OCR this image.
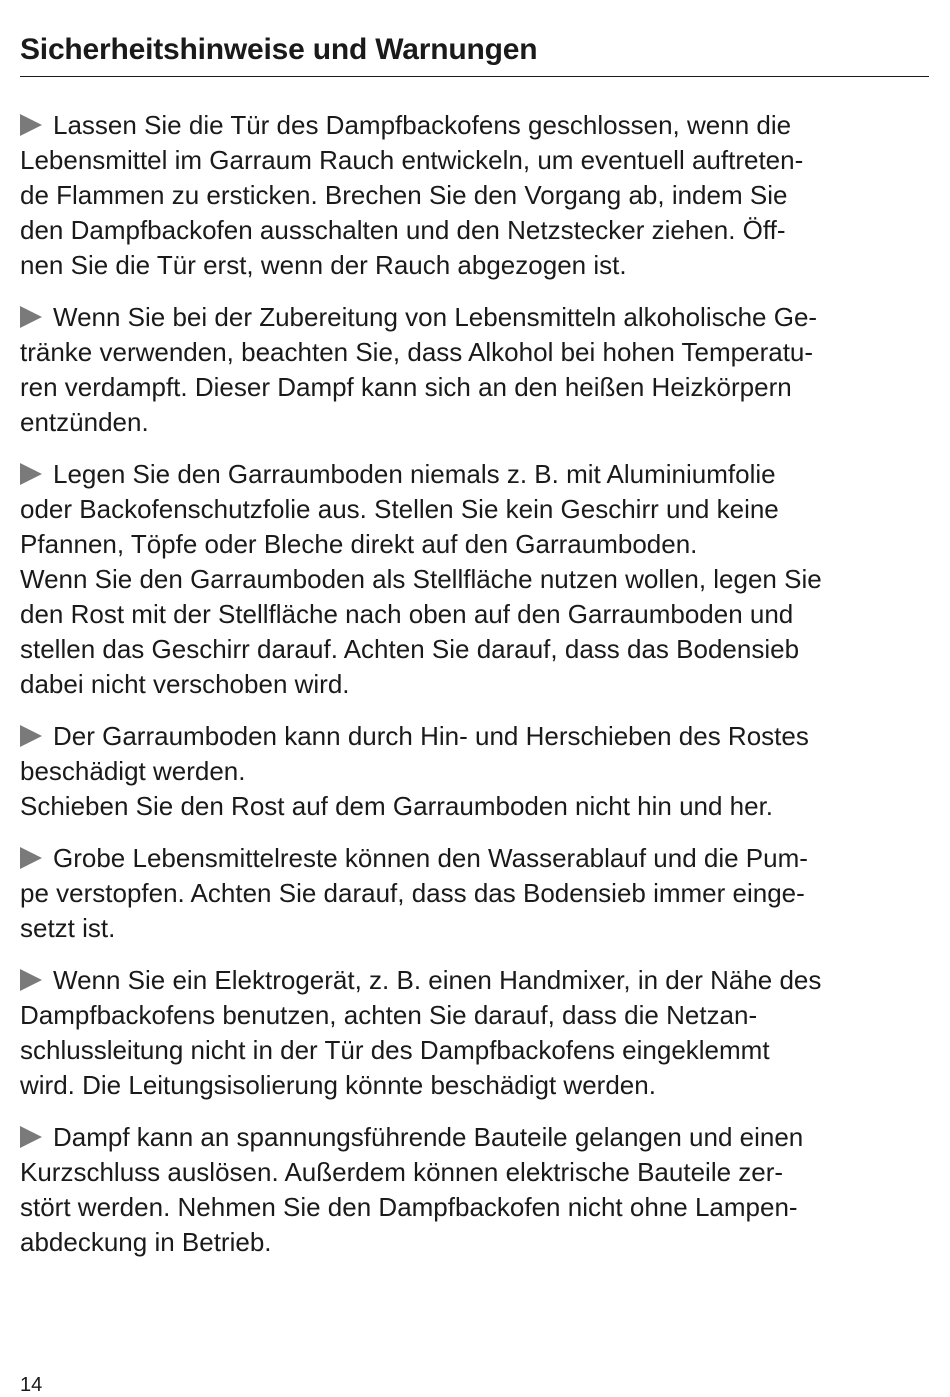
Sicherheitshinweise und Warnungen

Lassen Sie die Tür des Dampfbackofens geschlossen, wenn die
Lebensmittel im Garraum Rauch entwickeln, um eventuell auftreten-
de Flammen zu ersticken. Brechen Sie den Vorgang ab, indem Sie
den Dampfbackofen ausschalten und den Netzstecker ziehen. Öff-
nen Sie die Tür erst, wenn der Rauch abgezogen ist.

Wenn Sie bei der Zubereitung von Lebensmitteln alkoholische Ge-
tränke verwenden, beachten Sie, dass Alkohol bei hohen Temperatu-
ren verdampft. Dieser Dampf kann sich an den heißen Heizkörpern
entzünden.

Legen Sie den Garraumboden niemals z. B. mit Aluminiumfolie
oder Backofenschutzfolie aus. Stellen Sie kein Geschirr und keine
Pfannen, Töpfe oder Bleche direkt auf den Garraumboden.

Wenn Sie den Garraumboden als Stellfläche nutzen wollen, legen Sie
den Rost mit der Stellfläche nach oben auf den Garraumboden und
stellen das Geschirr darauf. Achten Sie darauf, dass das Bodensieb
dabei nicht verschoben wird.

Der Garraumboden kann durch Hin- und Herschieben des Rostes
beschädigt werden.

Schieben Sie den Rost auf dem Garraumboden nicht hin und her.

Grobe Lebensmittelreste können den Wasserablauf und die Pum-
pe verstopfen. Achten Sie darauf, dass das Bodensieb immer einge-
setzt ist.

Wenn Sie ein Elektrogerät, z. B. einen Handmixer, in der Nähe des
Dampfbackofens benutzen, achten Sie darauf, dass die Netzan-
schlussleitung nicht in der Tür des Dampfbackofens eingeklemmt
wird. Die Leitungsisolierung könnte beschädigt werden.

Dampf kann an spannungsführende Bauteile gelangen und einen
Kurzschluss auslösen. Außerdem können elektrische Bauteile zer-
stört werden. Nehmen Sie den Dampfbackofen nicht ohne Lampen-
abdeckung in Betrieb.

14
